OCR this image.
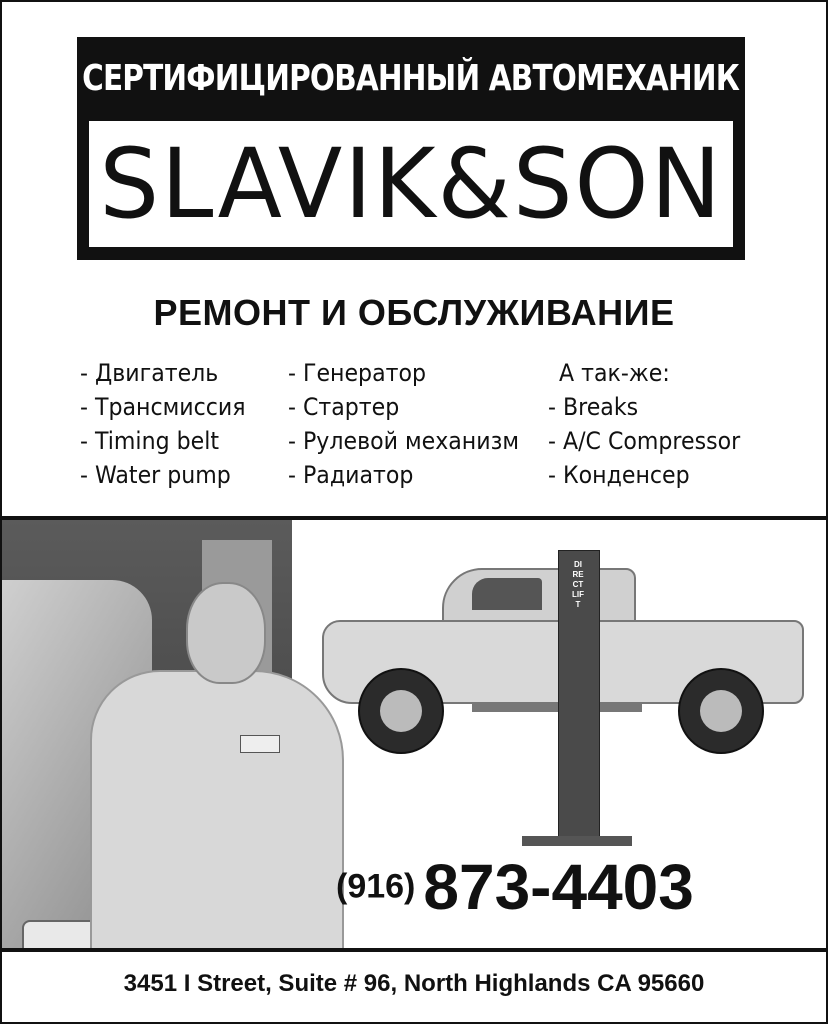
СЕРТИФИЦИРОВАННЫЙ АВТОМЕХАНИК
SLAVIK&SON
РЕМОНТ И ОБСЛУЖИВАНИЕ
- Двигатель
- Трансмиссия
- Timing belt
- Water pump
- Генератор
- Стартер
- Рулевой механизм
- Радиатор
А так-же:
- Breaks
- A/C Compressor
- Конденсер
DIRECT LIFT
(916) 873-4403
3451 I Street, Suite # 96, North Highlands CA 95660
